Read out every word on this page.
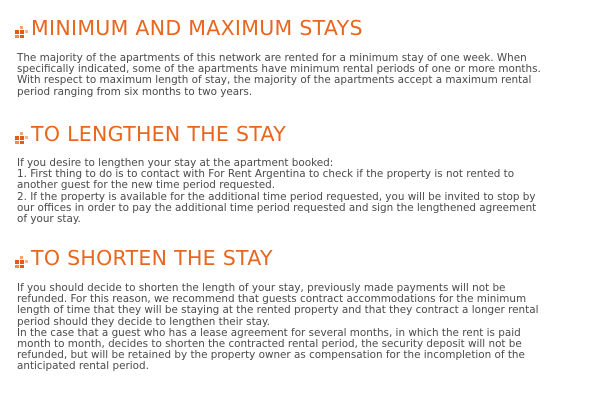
MINIMUM AND MAXIMUM STAYS

The majority of the apartments of this network are rented for a minimum stay of one week. When
specifically indicated, some of the apartments have minimum rental periods of one or more months.
With respect to maximum length of stay, the majority of the apartments accept a maximum rental
period ranging from six months to two years.

TO LENGTHEN THE STAY

If you desire to lengthen your stay at the apartment booked:
1. First thing to do is to contact with For Rent Argentina to check if the property is not rented to
another guest for the new time period requested.
2. If the property is available for the additional time period requested, you will be invited to stop by
our offices in order to pay the additional time period requested and sign the lengthened agreement
of your stay.

TO SHORTEN THE STAY

If you should decide to shorten the length of your stay, previously made payments will not be
refunded. For this reason, we recommend that guests contract accommodations for the minimum
length of time that they will be staying at the rented property and that they contract a longer rental
period should they decide to lengthen their stay.
In the case that a guest who has a lease agreement for several months, in which the rent is paid
month to month, decides to shorten the contracted rental period, the security deposit will not be
refunded, but will be retained by the property owner as compensation for the incompletion of the
anticipated rental period.
